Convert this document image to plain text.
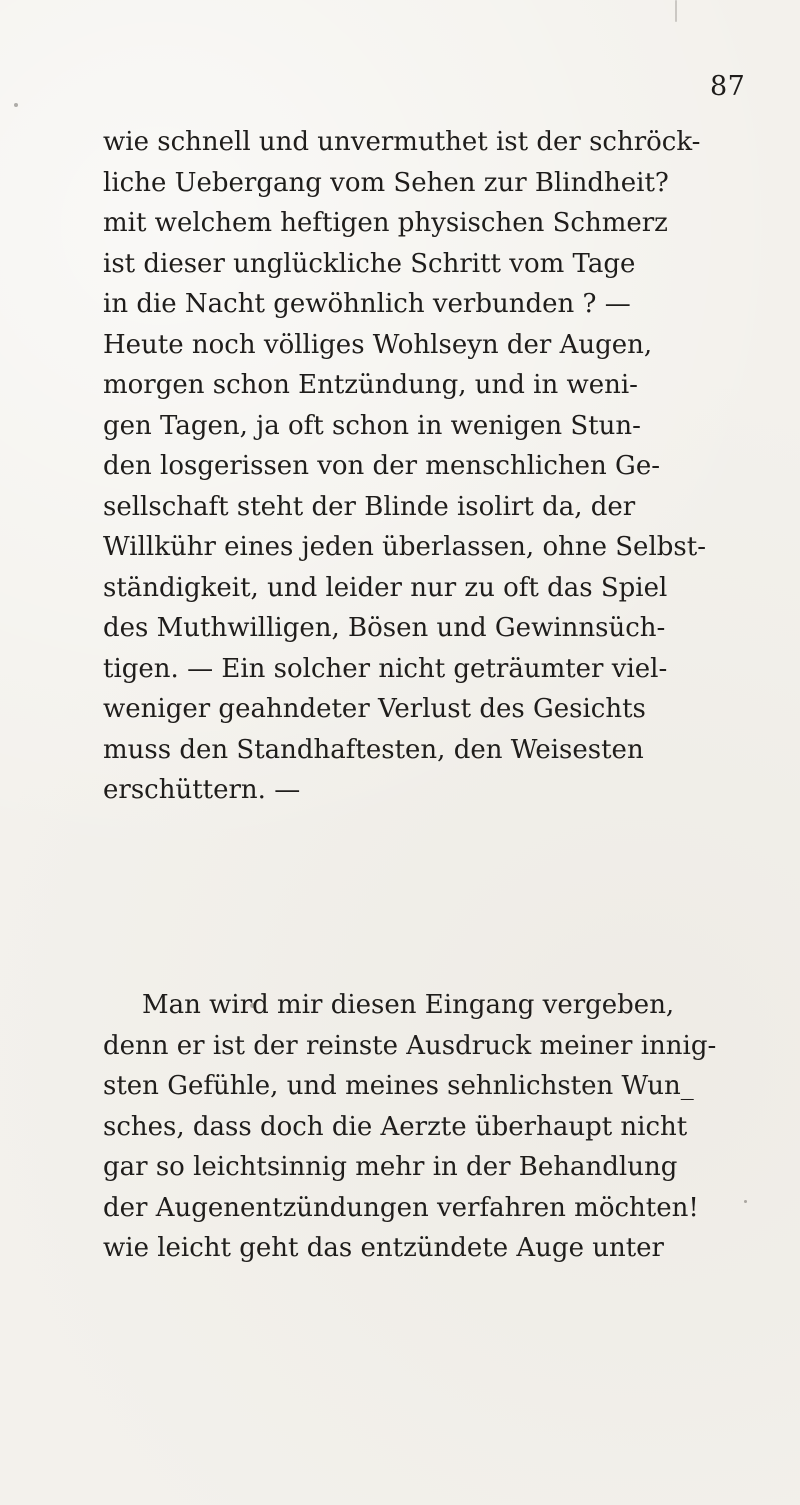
87
wie schnell und unvermuthet ist der schröck-
liche Uebergang vom Sehen zur Blindheit?
mit welchem heftigen physischen Schmerz
ist dieser unglückliche Schritt vom Tage
in die Nacht gewöhnlich verbunden ? —
Heute noch völliges Wohlseyn der Augen,
morgen schon Entzündung, und in weni-
gen Tagen, ja oft schon in wenigen Stun-
den losgerissen von der menschlichen Ge-
sellschaft steht der Blinde isolirt da, der
Willkühr eines jeden überlassen, ohne Selbst-
ständigkeit, und leider nur zu oft das Spiel
des Muthwilligen, Bösen und Gewinnsüch-
tigen. — Ein solcher nicht geträumter viel-
weniger geahndeter Verlust des Gesichts
muss den Standhaftesten, den Weisesten
erschüttern. —
Man wird mir diesen Eingang vergeben,
denn er ist der reinste Ausdruck meiner innig-
sten Gefühle, und meines sehnlichsten Wun_
sches, dass doch die Aerzte überhaupt nicht
gar so leichtsinnig mehr in der Behandlung
der Augenentzündungen verfahren möchten!
wie leicht geht das entzündete Auge unter
